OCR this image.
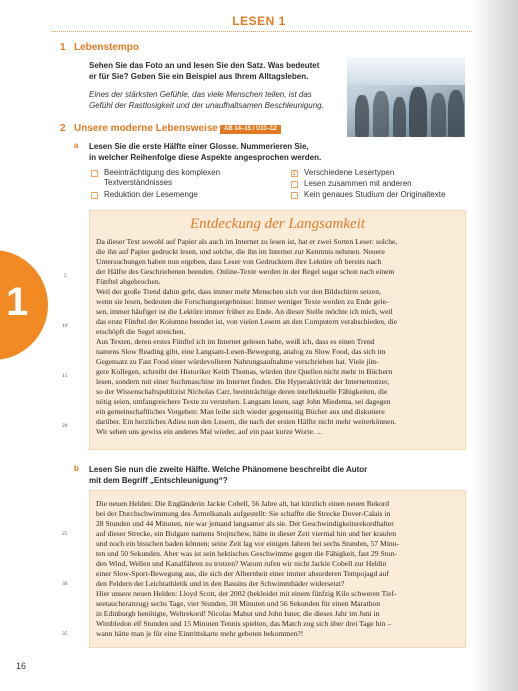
1
LESEN 1
1 Lebenstempo
Sehen Sie das Foto an und lesen Sie den Satz. Was bedeutet
er für Sie? Geben Sie ein Beispiel aus Ihrem Alltagsleben.
Eines der stärksten Gefühle, das viele Menschen teilen, ist das
Gefühl der Rastlosigkeit und der unaufhaltsamen Beschleunigung.
2 Unsere moderne Lebensweise	AB 14–15 / Ü11–12
a Lesen Sie die erste Hälfte einer Glosse. Nummerieren Sie,
in welcher Reihenfolge diese Aspekte angesprochen werden.
Beeinträchtigung des komplexen
Textverständnisses
Reduktion der Lesemenge
1 Verschiedene Lesertypen
Lesen zusammen mit anderen
Kein genaues Studium der Originaltexte
Entdeckung der Langsamkeit
Da dieser Text sowohl auf Papier als auch im Internet zu lesen ist, hat er zwei Sorten Leser: solche,
die ihn auf Papier gedruckt lesen, und solche, die ihn im Internet zur Kenntnis nehmen. Neuere
Untersuchungen haben nun ergeben, dass Leser von Gedrucktem ihre Lektüre oft bereits nach
der Hälfte des Geschriebenen beenden. Online-Texte werden in der Regel sogar schon nach einem
Fünftel abgebrochen.
Weil der große Trend dahin geht, dass immer mehr Menschen sich vor den Bildschirm setzen,
wenn sie lesen, bedeuten die Forschungsergebnisse: Immer weniger Texte werden zu Ende gele-
sen, immer häufiger ist die Lektüre immer früher zu Ende. An dieser Stelle möchte ich mich, weil
das erste Fünftel der Kolumne beendet ist, von vielen Lesern an den Computern verabschieden, die
erschöpft die Segel streichen.
Aus Texten, deren erstes Fünftel ich im Internet gelesen habe, weiß ich, dass es einen Trend
namens Slow Reading gibt, eine Langsam-Lesen-Bewegung, analog zu Slow Food, das sich im
Gegensatz zu Fast Food einer würdevolleren Nahrungsaufnahme verschrieben hat. Viele jün-
gere Kollegen, schreibt der Historiker Keith Thomas, würden ihre Quellen nicht mehr in Büchern
lesen, sondern mit einer Suchmaschine im Internet finden. Die Hyperaktivität der Internetnutzer,
so der Wissenschaftspublizist Nicholas Carr, beeinträchtige deren intellektuelle Fähigkeiten, die
nötig seien, umfangreichere Texte zu verstehen. Langsam lesen, sagt John Miedema, sei dagegen
ein gemeinschaftliches Vorgehen: Man leihe sich wieder gegenseitig Bücher aus und diskutiere
darüber. Ein herzliches Adieu nun den Lesern, die nach der ersten Hälfte nicht mehr weiterkönnen.
Wir sehen uns gewiss ein anderes Mal wieder, auf ein paar kurze Worte. ...
5
10
15
20
b Lesen Sie nun die zweite Hälfte. Welche Phänomene beschreibt die Autor
mit dem Begriff „Entschleunigung“?
Die neuen Helden: Die Engländerin Jackie Cobell, 56 Jahre alt, hat kürzlich einen neuen Rekord
bei der Durchschwimmung des Ärmelkanals aufgestellt: Sie schaffte die Strecke Dover-Calais in
28 Stunden und 44 Minuten, nie war jemand langsamer als sie. Der Geschwindigkeitsrekordhalter
auf dieser Strecke, ein Bulgare namens Stojtschew, hätte in dieser Zeit viermal hin und her kraulen
und noch ein bisschen baden können; seine Zeit lag vor einigen Jahren bei sechs Stunden, 57 Minu-
ten und 50 Sekunden. Aber was ist sein hektisches Geschwimme gegen die Fähigkeit, fast 29 Stun-
den Wind, Wellen und Kanalfähren zu trotzen? Warum rufen wir nicht Jackie Cobell zur Heldin
einer Slow-Sport-Bewegung aus, die sich der Albernheit einer immer absurderen Tempojagd auf
den Feldern der Leichtathletik und in den Bassins der Schwimmbäder widersetzt?
Hier unsere neuen Helden: Lloyd Scott, der 2002 (bekleidet mit einem fünfzig Kilo schweren Tief-
seetaucheranzug) sechs Tage, vier Stunden, 30 Minuten und 56 Sekunden für einen Marathon
in Edinburgh benötigte, Weltrekord! Nicolas Mahut und John Isner, die dieses Jahr im Juni in
Wimbledon elf Stunden und 15 Minuten Tennis spielten, das Match zog sich über drei Tage hin –
wann hätte man je für eine Eintrittskarte mehr geboten bekommen?!
25
30
35
16
